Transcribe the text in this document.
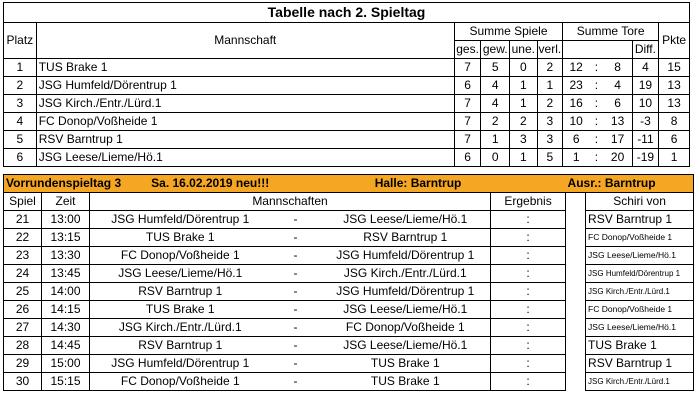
Tabelle nach 2. Spieltag										
Platz	Mannschaft	Summe Spiele				Summe Tore				Pkte
		ges.	gew.	une.	verl.				Diff.	
1	TUS Brake 1	7	5	0	2	12	:	8	4	15
2	JSG Humfeld/Dörentrup 1	6	4	1	1	23	:	4	19	13
3	JSG Kirch./Entr./Lürd.1	7	4	1	2	16	:	6	10	13
4	FC Donop/Voßheide 1	7	2	2	3	10	:	13	-3	8
5	RSV Barntrup 1	7	1	3	3	6	:	17	-11	6
6	JSG Leese/Lieme/Hö.1	6	0	1	5	1	:	20	-19	1
Vorrundenspieltag 3 Sa. 16.02.2019 neu!!!			Halle: Barntrup			Ausr.: Barntrup	
Spiel	Zeit	Mannschaften			Ergebnis		Schiri von
21	13:00	JSG Humfeld/Dörentrup 1	-	JSG Leese/Lieme/Hö.1	:		RSV Barntrup 1
22	13:15	TUS Brake 1	-	RSV Barntrup 1	:		FC Donop/Voßheide 1
23	13:30	FC Donop/Voßheide 1	-	JSG Humfeld/Dörentrup 1	:		JSG Leese/Lieme/Hö.1
24	13:45	JSG Leese/Lieme/Hö.1	-	JSG Kirch./Entr./Lürd.1	:		JSG Humfeld/Dörentrup 1
25	14:00	RSV Barntrup 1	-	JSG Humfeld/Dörentrup 1	:		JSG Kirch./Entr./Lürd.1
26	14:15	TUS Brake 1	-	JSG Leese/Lieme/Hö.1	:		FC Donop/Voßheide 1
27	14:30	JSG Kirch./Entr./Lürd.1	-	FC Donop/Voßheide 1	:		JSG Leese/Lieme/Hö.1
28	14:45	RSV Barntrup 1	-	JSG Leese/Lieme/Hö.1	:		TUS Brake 1
29	15:00	JSG Humfeld/Dörentrup 1	-	TUS Brake 1	:		RSV Barntrup 1
30	15:15	FC Donop/Voßheide 1	-	TUS Brake 1	:		JSG Kirch./Entr./Lürd.1
